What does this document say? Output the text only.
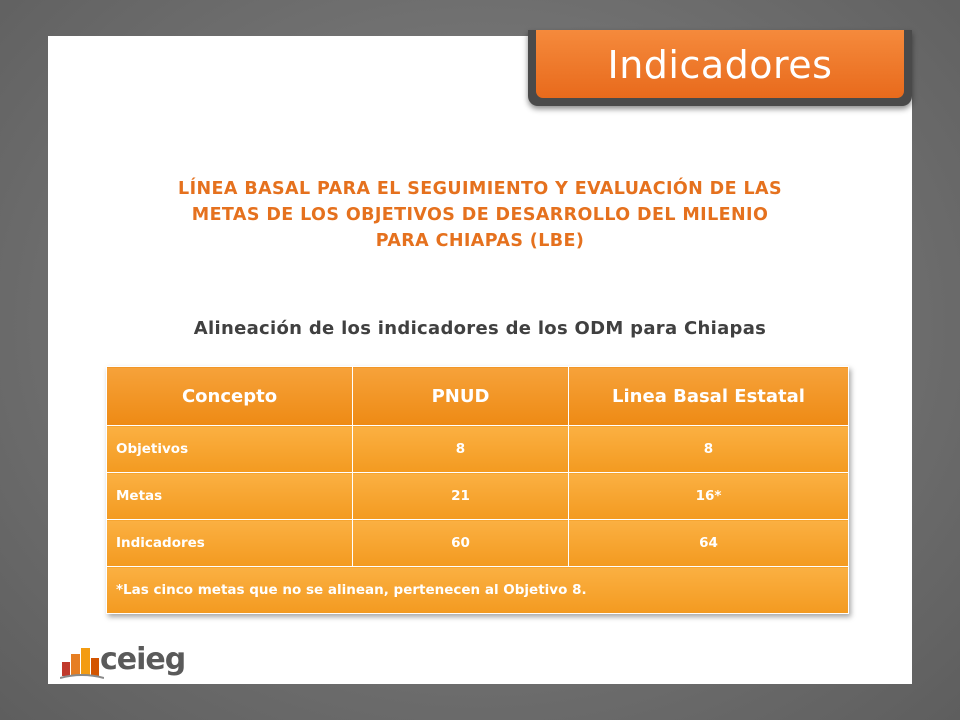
Indicadores
LÍNEA BASAL PARA EL SEGUIMIENTO Y EVALUACIÓN DE LAS
METAS DE LOS OBJETIVOS DE DESARROLLO DEL MILENIO
PARA CHIAPAS (LBE)
Alineación de los indicadores de los ODM para Chiapas
Concepto	PNUD	Linea Basal Estatal
Objetivos	8	8
Metas	21	16*
Indicadores	60	64
*Las cinco metas que no se alinean, pertenecen al Objetivo 8.		
ceieg
